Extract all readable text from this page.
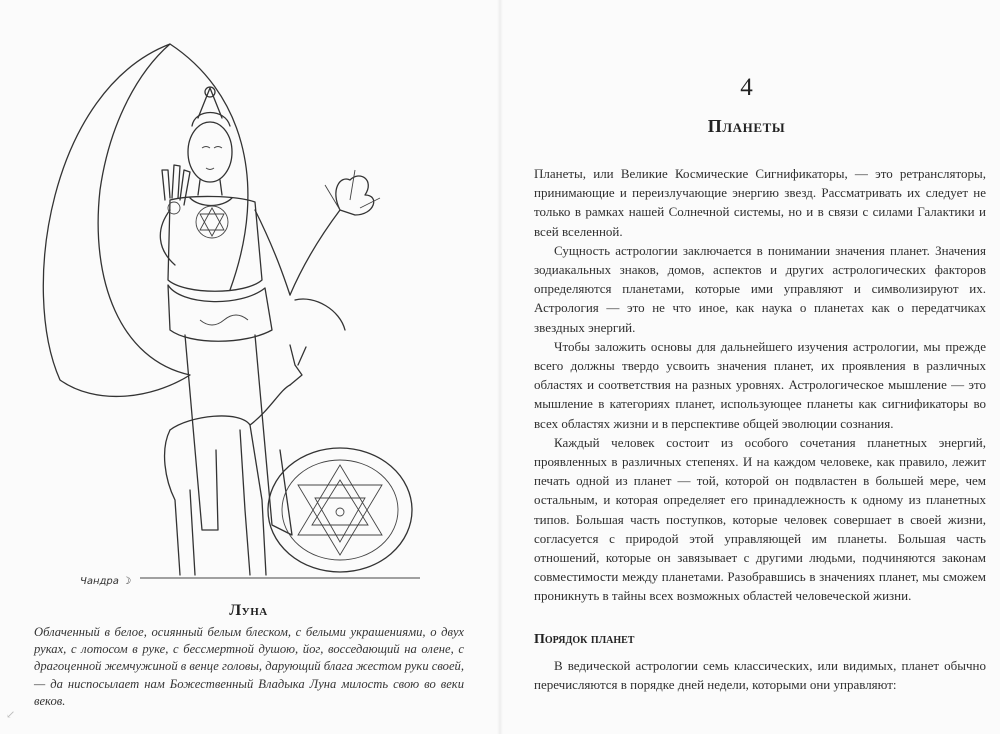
Чандра ☽
Луна
Облаченный в белое, осиянный белым блеском, с белыми украшениями, о двух руках, с лотосом в руке, с бессмертной душою, йог, восседающий на олене, с драгоценной жемчужиной в венце головы, дарующий блага жестом руки своей, — да ниспосылает нам Божественный Владыка Луна милость свою во веки веков.
↙
4
Планеты

Планеты, или Великие Космические Сигнификаторы, — это ретрансляторы, принимающие и переизлучающие энергию звезд. Рассматривать их следует не только в рамках нашей Солнечной системы, но и в связи с силами Галактики и всей вселенной.

Сущность астрологии заключается в понимании значения планет. Значения зодиакальных знаков, домов, аспектов и других астрологических факторов определяются планетами, которые ими управляют и символизируют их. Астрология — это не что иное, как наука о планетах как о передатчиках звездных энергий.

Чтобы заложить основы для дальнейшего изучения астрологии, мы прежде всего должны твердо усвоить значения планет, их проявления в различных областях и соответствия на разных уровнях. Астрологическое мышление — это мышление в категориях планет, использующее планеты как сигнификаторы во всех областях жизни и в перспективе общей эволюции сознания.

Каждый человек состоит из особого сочетания планетных энергий, проявленных в различных степенях. И на каждом человеке, как правило, лежит печать одной из планет — той, которой он подвластен в большей мере, чем остальным, и которая определяет его принадлежность к одному из планетных типов. Большая часть поступков, которые человек совершает в своей жизни, согласуется с природой этой управляющей им планеты. Большая часть отношений, которые он завязывает с другими людьми, подчиняются законам совместимости между планетами. Разобравшись в значениях планет, мы сможем проникнуть в тайны всех возможных областей человеческой жизни.

Порядок планет
В ведической астрологии семь классических, или видимых, планет обычно перечисляются в порядке дней недели, которыми они управляют:
